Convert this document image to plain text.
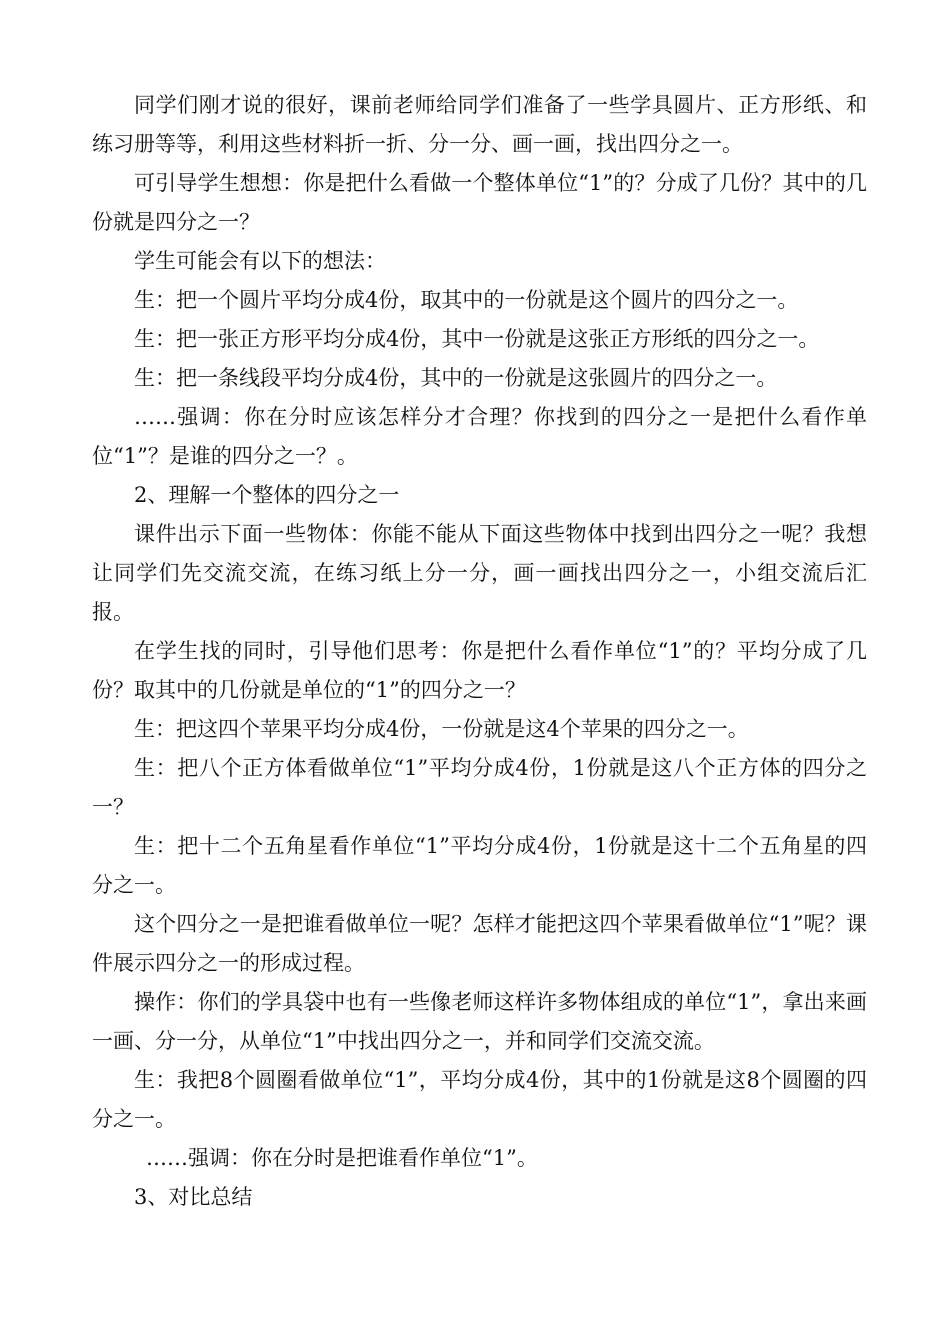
同学们刚才说的很好，课前老师给同学们准备了一些学具圆片、正方形纸、和练习册等等，利用这些材料折一折、分一分、画一画，找出四分之一。

可引导学生想想：你是把什么看做一个整体单位“1”的？分成了几份？其中的几份就是四分之一？

学生可能会有以下的想法：

生：把一个圆片平均分成4份，取其中的一份就是这个圆片的四分之一。

生：把一张正方形平均分成4份，其中一份就是这张正方形纸的四分之一。

生：把一条线段平均分成4份，其中的一份就是这张圆片的四分之一。

……强调：你在分时应该怎样分才合理？你找到的四分之一是把什么看作单位“1”？是谁的四分之一？。

2、理解一个整体的四分之一

课件出示下面一些物体：你能不能从下面这些物体中找到出四分之一呢？我想让同学们先交流交流，在练习纸上分一分，画一画找出四分之一，小组交流后汇报。

在学生找的同时，引导他们思考：你是把什么看作单位“1”的？平均分成了几份？取其中的几份就是单位的“1”的四分之一？

生：把这四个苹果平均分成4份，一份就是这4个苹果的四分之一。

生：把八个正方体看做单位“1”平均分成4份，1份就是这八个正方体的四分之一？

生：把十二个五角星看作单位“1”平均分成4份，1份就是这十二个五角星的四分之一。

这个四分之一是把谁看做单位一呢？怎样才能把这四个苹果看做单位“1”呢？课件展示四分之一的形成过程。

操作：你们的学具袋中也有一些像老师这样许多物体组成的单位“1”，拿出来画一画、分一分，从单位“1”中找出四分之一，并和同学们交流交流。

生：我把8个圆圈看做单位“1”，平均分成4份，其中的1份就是这8个圆圈的四分之一。

……强调：你在分时是把谁看作单位“1”。

3、对比总结
